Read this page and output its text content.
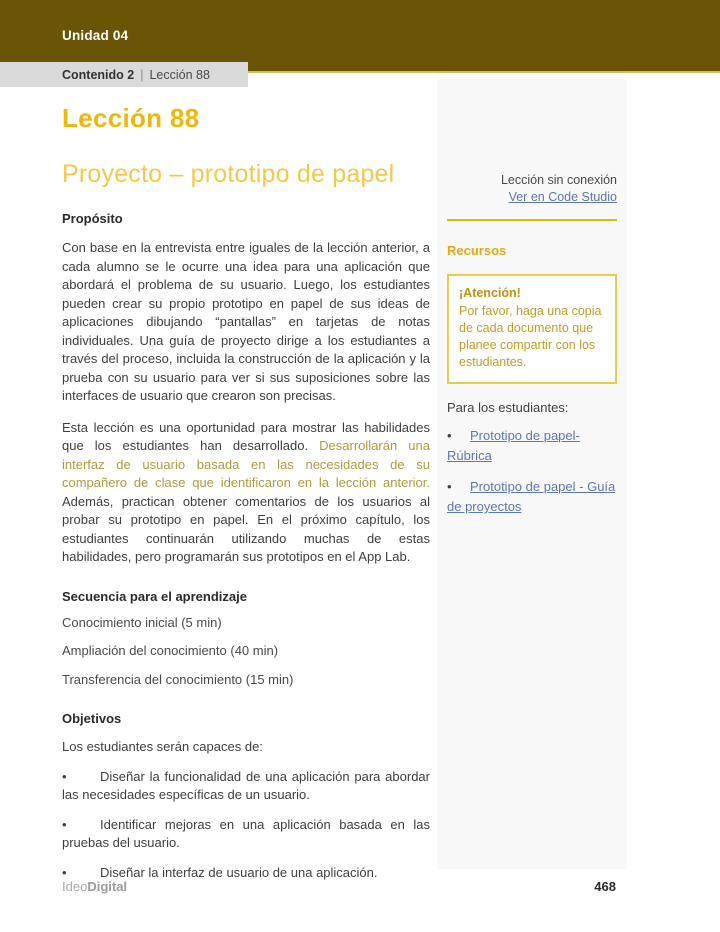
Unidad 04
Contenido 2 | Lección 88
Lección 88
Proyecto – prototipo de papel
Propósito

Con base en la entrevista entre iguales de la lección anterior, a cada alumno se le ocurre una idea para una aplicación que abordará el problema de su usuario. Luego, los estudiantes pueden crear su propio prototipo en papel de sus ideas de aplicaciones dibujando “pantallas” en tarjetas de notas individuales. Una guía de proyecto dirige a los estudiantes a través del proceso, incluida la construcción de la aplicación y la prueba con su usuario para ver si sus suposiciones sobre las interfaces de usuario que crearon son precisas.

Esta lección es una oportunidad para mostrar las habilidades que los estudiantes han desarrollado. Desarrollarán una interfaz de usuario basada en las necesidades de su compañero de clase que identificaron en la lección anterior. Además, practican obtener comentarios de los usuarios al probar su prototipo en papel. En el próximo capítulo, los estudiantes continuarán utilizando muchas de estas habilidades, pero programarán sus prototipos en el App Lab.

Secuencia para el aprendizaje

Conocimiento inicial (5 min)

Ampliación del conocimiento (40 min)

Transferencia del conocimiento (15 min)

Objetivos

Los estudiantes serán capaces de:

•Diseñar la funcionalidad de una aplicación para abordar las necesidades específicas de un usuario.

•Identificar mejoras en una aplicación basada en las pruebas del usuario.

•Diseñar la interfaz de usuario de una aplicación.

Lección sin conexión
Ver en Code Studio
Recursos
¡Atención!
Por favor, haga una copia de cada documento que planee compartir con los estudiantes.

Para los estudiantes:

•Prototipo de papel- Rúbrica

•Prototipo de papel - Guía de proyectos

IdeoDigital	468
